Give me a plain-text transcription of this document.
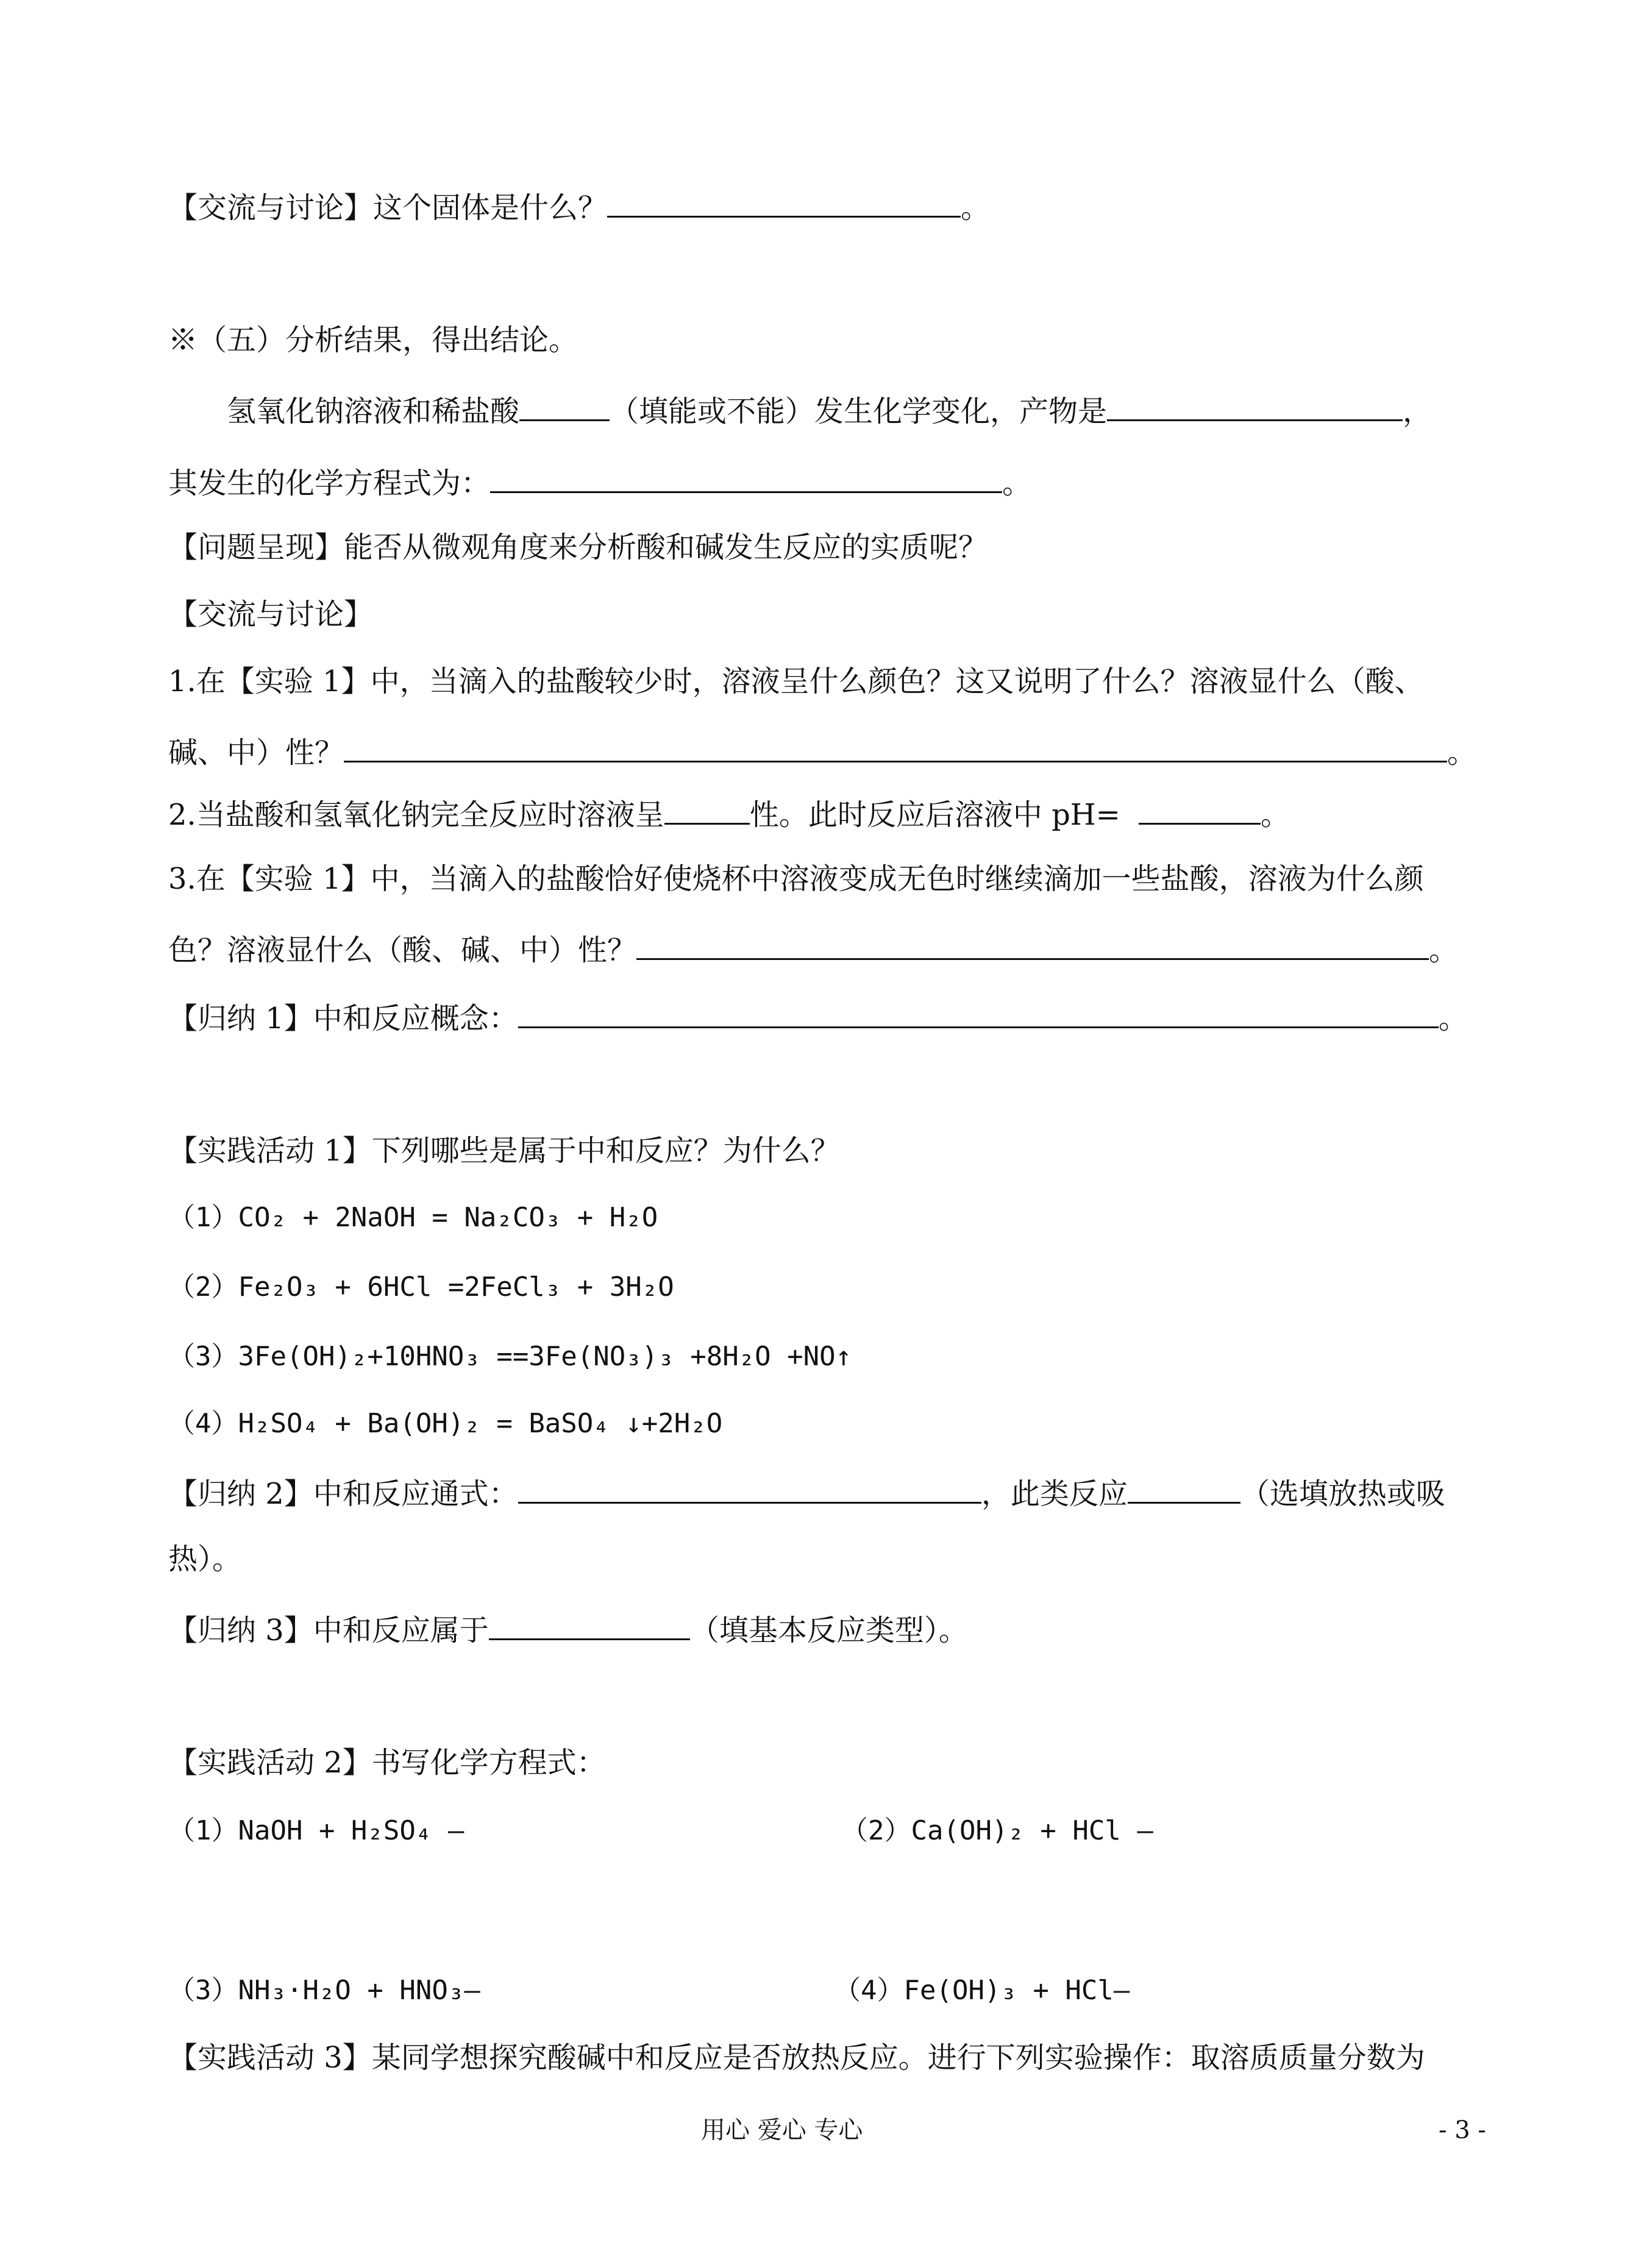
【交流与讨论】这个固体是什么？	。
※（五）分析结果，得出结论。
氢氧化钠溶液和稀盐酸	（填能或不能）发生化学变化，产物是	，
其发生的化学方程式为：	。
【问题呈现】能否从微观角度来分析酸和碱发生反应的实质呢？
【交流与讨论】
1.在【实验 1】中，当滴入的盐酸较少时，溶液呈什么颜色？这又说明了什么？溶液显什么（酸、
碱、中）性？	。
2.当盐酸和氢氧化钠完全反应时溶液呈	性。此时反应后溶液中 pH=	。
3.在【实验 1】中，当滴入的盐酸恰好使烧杯中溶液变成无色时继续滴加一些盐酸，溶液为什么颜
色？溶液显什么（酸、碱、中）性？	。
【归纳 1】中和反应概念：	。
【实践活动 1】下列哪些是属于中和反应？为什么？
（1）CO₂ + 2NaOH = Na₂CO₃ + H₂O
（2）Fe₂O₃ + 6HCl =2FeCl₃ + 3H₂O
（3）3Fe(OH)₂+10HNO₃ ==3Fe(NO₃)₃ +8H₂O +NO↑
（4）H₂SO₄ + Ba(OH)₂ = BaSO₄ ↓+2H₂O
【归纳 2】中和反应通式：	，此类反应	（选填放热或吸
热）。
【归纳 3】中和反应属于	（填基本反应类型）。
【实践活动 2】书写化学方程式：
（1）NaOH + H₂SO₄ —	（2）Ca(OH)₂ + HCl —
（3）NH₃·H₂O + HNO₃—	（4）Fe(OH)₃ + HCl—
【实践活动 3】某同学想探究酸碱中和反应是否放热反应。进行下列实验操作：取溶质质量分数为
用心 爱心 专心	- 3 -
